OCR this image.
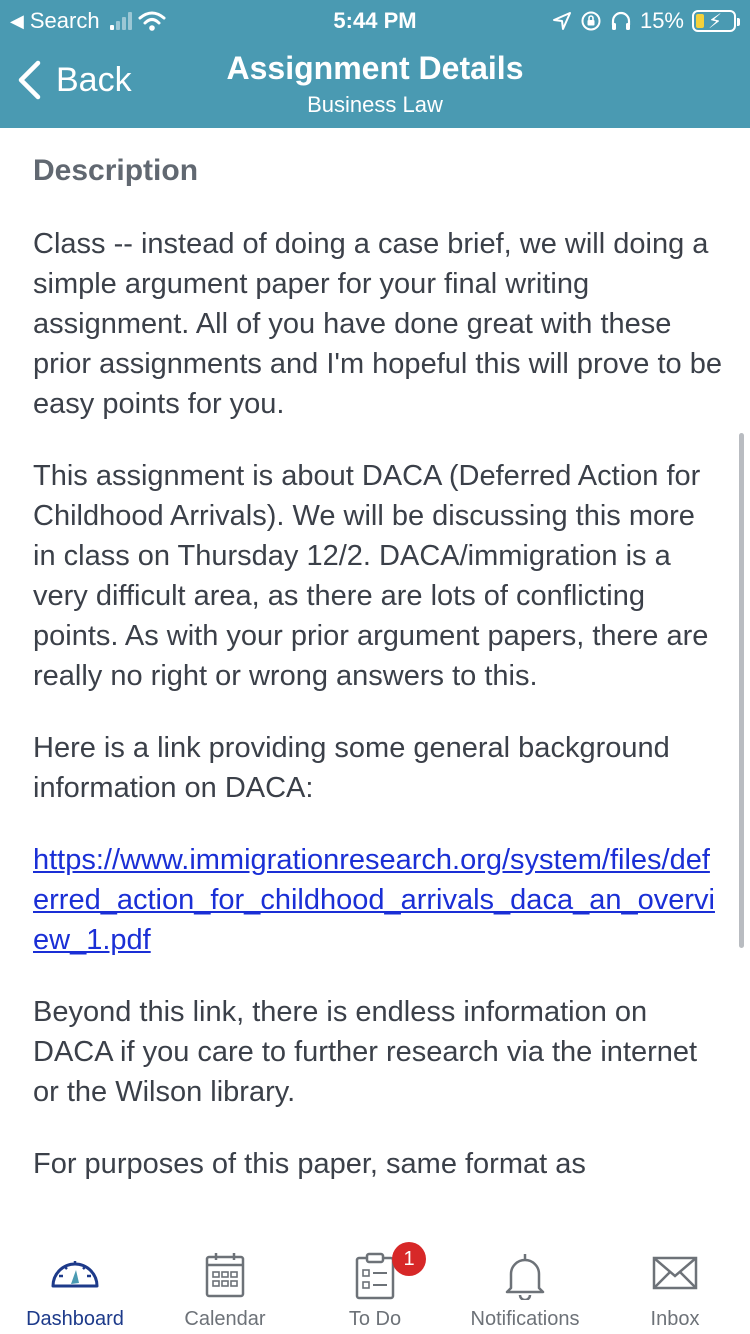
◀ Search	5:44 PM	15% ⚡
Back	Assignment Details
Business Law
Description

Class -- instead of doing a case brief, we will doing a simple argument paper for your final writing assignment. All of you have done great with these prior assignments and I'm hopeful this will prove to be easy points for you.

This assignment is about DACA (Deferred Action for Childhood Arrivals). We will be discussing this more in class on Thursday 12/2. DACA/immigration is a very difficult area, as there are lots of conflicting points. As with your prior argument papers, there are really no right or wrong answers to this.

Here is a link providing some general background information on DACA:

https://www.immigrationresearch.org/system/files/deferred_action_for_childhood_arrivals_daca_an_overview_1.pdf

Beyond this link, there is endless information on DACA if you care to further research via the internet or the Wilson library.

For purposes of this paper, same format as

Dashboard	Calendar
1
To Do	Notifications	Inbox
